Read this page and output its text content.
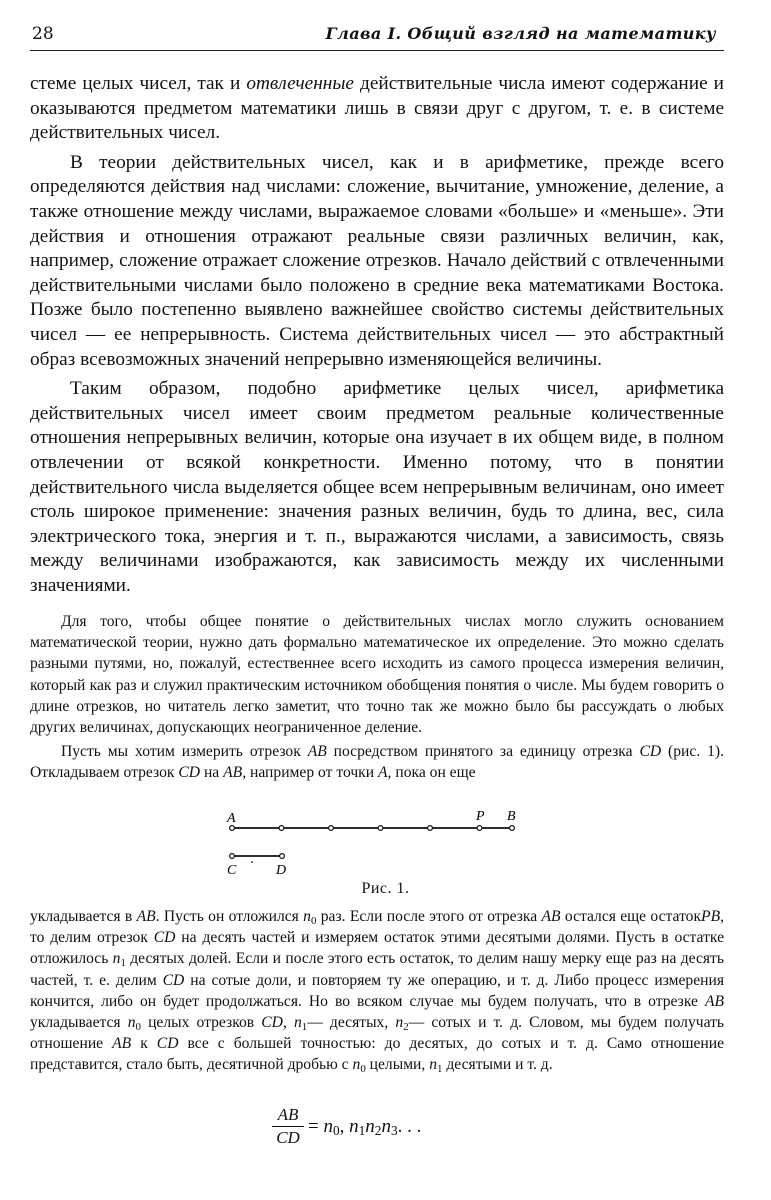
28	Глава I. Общий взгляд на математику

стеме целых чисел, так и отвлеченные действительные числа имеют содержание и оказываются предметом математики лишь в связи друг с другом, т. е. в системе действительных чисел.

В теории действительных чисел, как и в арифметике, прежде всего определяются действия над числами: сложение, вычитание, умножение, деление, а также отношение между числами, выражаемое словами «больше» и «меньше». Эти действия и отношения отражают реальные связи различных величин, как, например, сложение отражает сложение отрезков. Начало действий с отвлеченными действительными числами было положено в средние века математиками Востока. Позже было постепенно выявлено важнейшее свойство системы действительных чисел — ее непрерывность. Система действительных чисел — это абстрактный образ всевозможных значений непрерывно изменяющейся величины.

Таким образом, подобно арифметике целых чисел, арифметика действительных чисел имеет своим предметом реальные количественные отношения непрерывных величин, которые она изучает в их общем виде, в полном отвлечении от всякой конкретности. Именно потому, что в понятии действительного числа выделяется общее всем непрерывным величинам, оно имеет столь широкое применение: значения разных величин, будь то длина, вес, сила электрического тока, энергия и т. п., выражаются числами, а зависимость, связь между величинами изображаются, как зависимость между их численными значениями.

Для того, чтобы общее понятие о действительных числах могло служить основанием математической теории, нужно дать формально математическое их определение. Это можно сделать разными путями, но, пожалуй, естественнее всего исходить из самого процесса измерения величин, который как раз и служил практическим источником обобщения понятия о числе. Мы будем говорить о длине отрезков, но читатель легко заметит, что точно так же можно было бы рассуждать о любых других величинах, допускающих неограниченное деление.

Пусть мы хотим измерить отрезок AB посредством принятого за единицу отрезка CD (рис. 1). Откладываем отрезок CD на AB, например от точки A, пока он еще

A	P B
C	D
Рис. 1.

укладывается в AB. Пусть он отложился $n_0$ раз. Если после этого от отрезка AB остался еще остатокPB, то делим отрезок CD на десять частей и измеряем остаток этими десятыми долями. Пусть в остатке отложилось $n_1$ десятых долей. Если и после этого есть остаток, то делим нашу мерку еще раз на десять частей, т. е. делим CD на сотые доли, и повторяем ту же операцию, и т. д. Либо процесс измерения кончится, либо он будет продолжаться. Но во всяком случае мы будем получать, что в отрезке AB укладывается $n_0$ целых отрезков CD, $n_1—$ десятых, $n_2—$ сотых и т. д. Словом, мы будем получать отношение AB к CD все с большей точностью: до десятых, до сотых и т. д. Само отношение представится, стало быть, десятичной дробью с $n_0$ целыми, $n_1$ десятыми и т. д.

AB
CD
= $n_0$, $n_1n_2n_3$. . .
